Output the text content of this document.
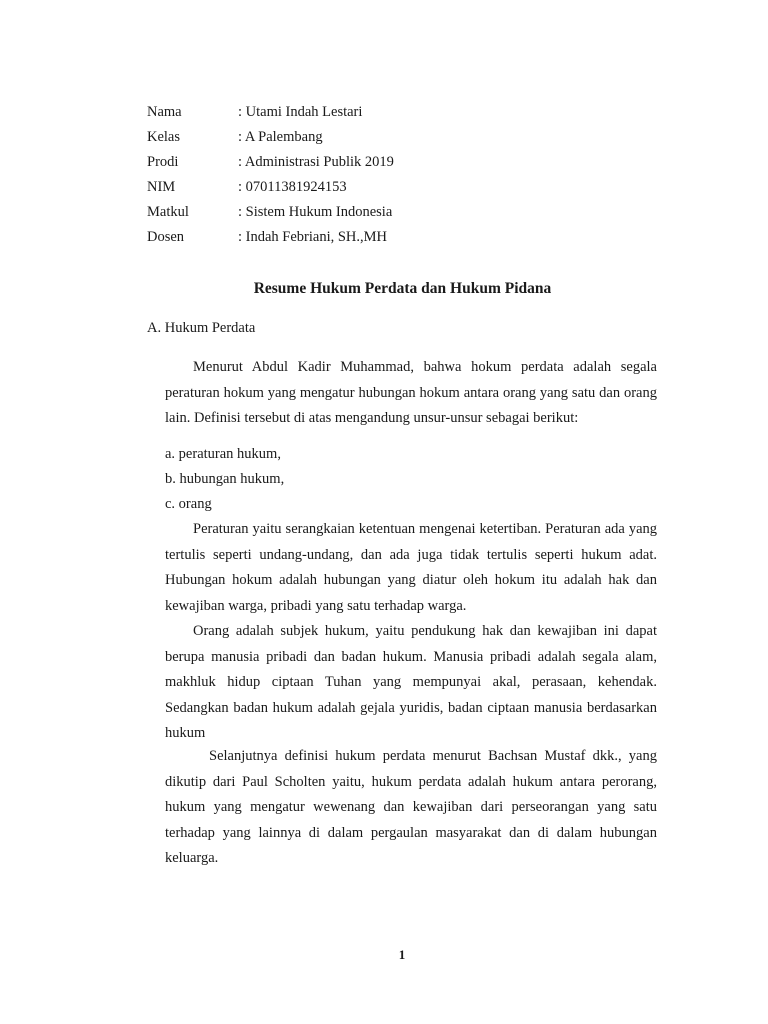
Nama	: Utami Indah Lestari
Kelas	: A Palembang
Prodi	: Administrasi Publik 2019
NIM	: 07011381924153
Matkul	: Sistem Hukum Indonesia
Dosen	: Indah Febriani, SH.,MH
Resume Hukum Perdata dan Hukum Pidana
A. Hukum Perdata

Menurut Abdul Kadir Muhammad, bahwa hokum perdata adalah segala peraturan hokum yang mengatur hubungan hokum antara orang yang satu dan orang lain. Definisi tersebut di atas mengandung unsur-unsur sebagai berikut:

a. peraturan hukum,
b. hubungan hukum,
c. orang

Peraturan yaitu serangkaian ketentuan mengenai ketertiban. Peraturan ada yang tertulis seperti undang-undang, dan ada juga tidak tertulis seperti hukum adat. Hubungan hokum adalah hubungan yang diatur oleh hokum itu adalah hak dan kewajiban warga, pribadi yang satu terhadap warga.

Orang adalah subjek hukum, yaitu pendukung hak dan kewajiban ini dapat berupa manusia pribadi dan badan hukum. Manusia pribadi adalah segala alam, makhluk hidup ciptaan Tuhan yang mempunyai akal, perasaan, kehendak. Sedangkan badan hukum adalah gejala yuridis, badan ciptaan manusia berdasarkan hukum

Selanjutnya definisi hukum perdata menurut Bachsan Mustaf dkk., yang dikutip dari Paul Scholten yaitu, hukum perdata adalah hukum antara perorang, hukum yang mengatur wewenang dan kewajiban dari perseorangan yang satu terhadap yang lainnya di dalam pergaulan masyarakat dan di dalam hubungan keluarga.

1
